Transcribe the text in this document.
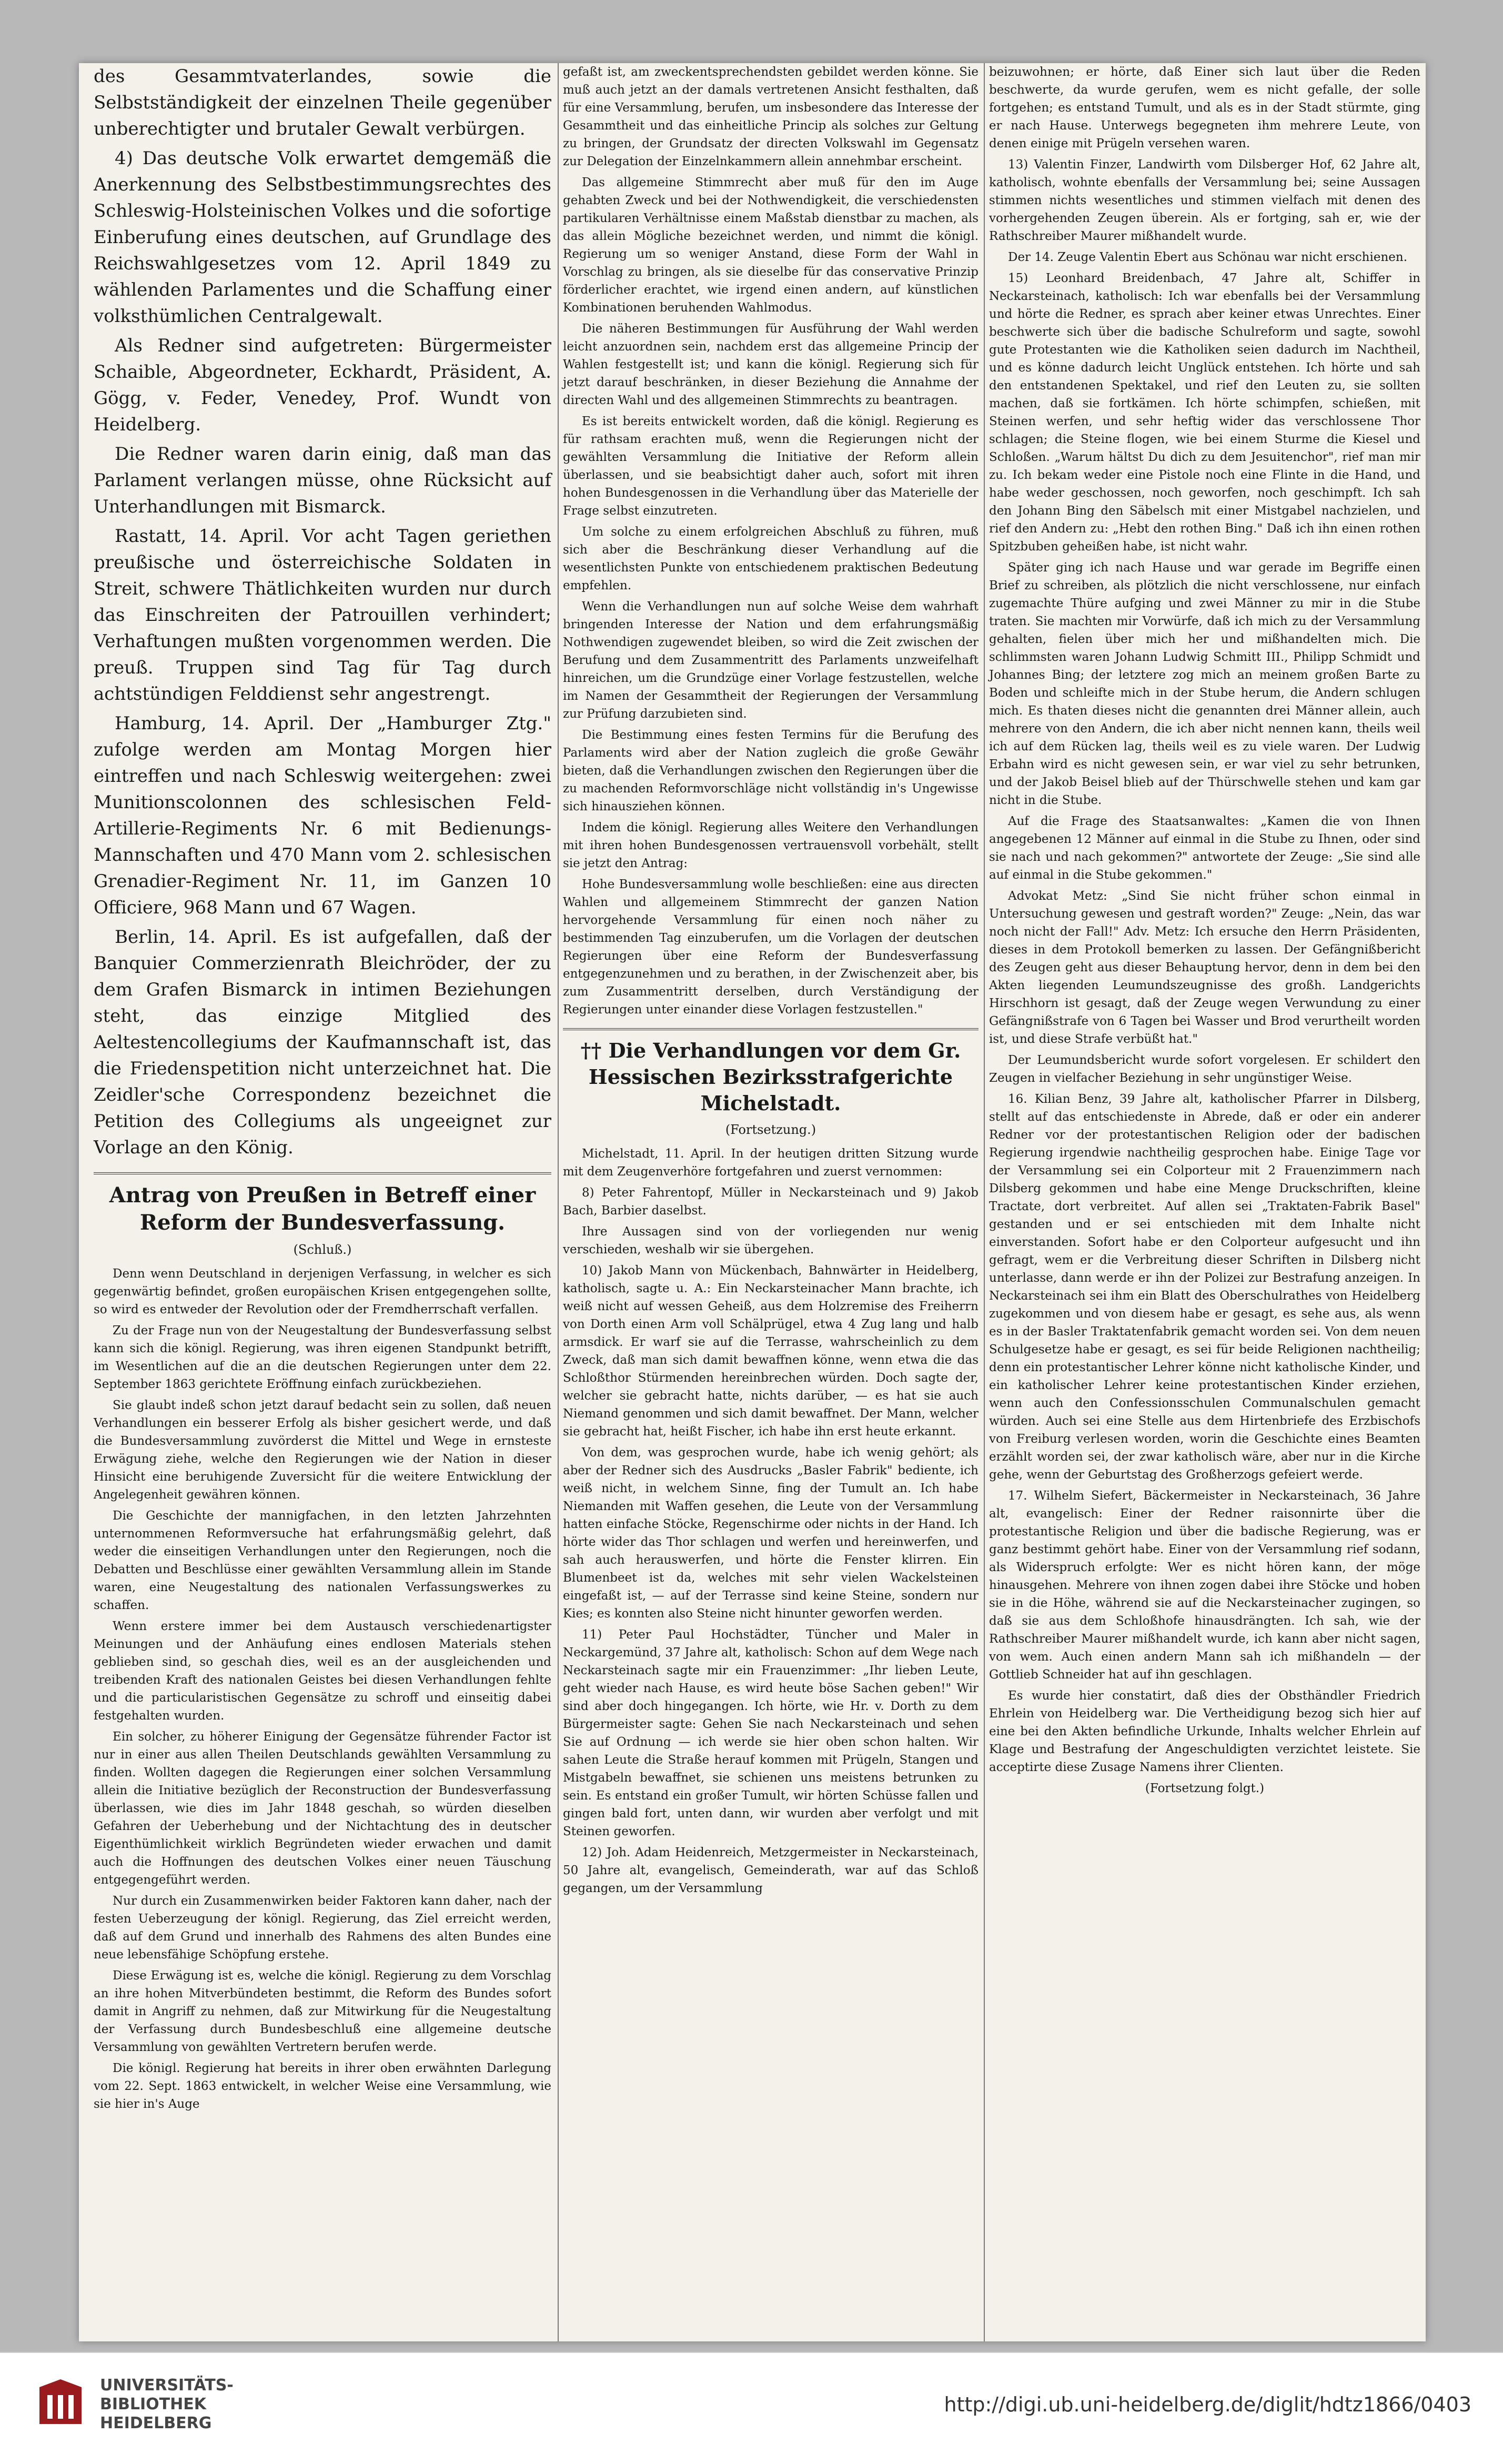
des Gesammtvaterlandes, sowie die Selbstständigkeit der einzelnen Theile gegenüber unberechtigter und brutaler Gewalt verbürgen.

4) Das deutsche Volk erwartet demgemäß die Anerkennung des Selbstbestimmungsrechtes des Schleswig-Holsteinischen Volkes und die sofortige Einberufung eines deutschen, auf Grundlage des Reichswahlgesetzes vom 12. April 1849 zu wählenden Parlamentes und die Schaffung einer volksthümlichen Centralgewalt.

Als Redner sind aufgetreten: Bürgermeister Schaible, Abgeordneter, Eckhardt, Präsident, A. Gögg, v. Feder, Venedey, Prof. Wundt von Heidelberg.

Die Redner waren darin einig, daß man das Parlament verlangen müsse, ohne Rücksicht auf Unterhandlungen mit Bismarck.

Rastatt, 14. April. Vor acht Tagen geriethen preußische und österreichische Soldaten in Streit, schwere Thätlichkeiten wurden nur durch das Einschreiten der Patrouillen verhindert; Verhaftungen mußten vorgenommen werden. Die preuß. Truppen sind Tag für Tag durch achtstündigen Felddienst sehr angestrengt.

Hamburg, 14. April. Der „Hamburger Ztg." zufolge werden am Montag Morgen hier eintreffen und nach Schleswig weitergehen: zwei Munitionscolonnen des schlesischen Feld-Artillerie-Regiments Nr. 6 mit Bedienungs-Mannschaften und 470 Mann vom 2. schlesischen Grenadier-Regiment Nr. 11, im Ganzen 10 Officiere, 968 Mann und 67 Wagen.

Berlin, 14. April. Es ist aufgefallen, daß der Banquier Commerzienrath Bleichröder, der zu dem Grafen Bismarck in intimen Beziehungen steht, das einzige Mitglied des Aeltestencollegiums der Kaufmannschaft ist, das die Friedenspetition nicht unterzeichnet hat. Die Zeidler'sche Correspondenz bezeichnet die Petition des Collegiums als ungeeignet zur Vorlage an den König.

Antrag von Preußen in Betreff einer Reform der Bundesverfassung.
(Schluß.)

Denn wenn Deutschland in derjenigen Verfassung, in welcher es sich gegenwärtig befindet, großen europäischen Krisen entgegengehen sollte, so wird es entweder der Revolution oder der Fremdherrschaft verfallen.

Zu der Frage nun von der Neugestaltung der Bundesverfassung selbst kann sich die königl. Regierung, was ihren eigenen Standpunkt betrifft, im Wesentlichen auf die an die deutschen Regierungen unter dem 22. September 1863 gerichtete Eröffnung einfach zurückbeziehen.

Sie glaubt indeß schon jetzt darauf bedacht sein zu sollen, daß neuen Verhandlungen ein besserer Erfolg als bisher gesichert werde, und daß die Bundesversammlung zuvörderst die Mittel und Wege in ernsteste Erwägung ziehe, welche den Regierungen wie der Nation in dieser Hinsicht eine beruhigende Zuversicht für die weitere Entwicklung der Angelegenheit gewähren können.

Die Geschichte der mannigfachen, in den letzten Jahrzehnten unternommenen Reformversuche hat erfahrungsmäßig gelehrt, daß weder die einseitigen Verhandlungen unter den Regierungen, noch die Debatten und Beschlüsse einer gewählten Versammlung allein im Stande waren, eine Neugestaltung des nationalen Verfassungswerkes zu schaffen.

Wenn erstere immer bei dem Austausch verschiedenartigster Meinungen und der Anhäufung eines endlosen Materials stehen geblieben sind, so geschah dies, weil es an der ausgleichenden und treibenden Kraft des nationalen Geistes bei diesen Verhandlungen fehlte und die particularistischen Gegensätze zu schroff und einseitig dabei festgehalten wurden.

Ein solcher, zu höherer Einigung der Gegensätze führender Factor ist nur in einer aus allen Theilen Deutschlands gewählten Versammlung zu finden. Wollten dagegen die Regierungen einer solchen Versammlung allein die Initiative bezüglich der Reconstruction der Bundesverfassung überlassen, wie dies im Jahr 1848 geschah, so würden dieselben Gefahren der Ueberhebung und der Nichtachtung des in deutscher Eigenthümlichkeit wirklich Begründeten wieder erwachen und damit auch die Hoffnungen des deutschen Volkes einer neuen Täuschung entgegengeführt werden.

Nur durch ein Zusammenwirken beider Faktoren kann daher, nach der festen Ueberzeugung der königl. Regierung, das Ziel erreicht werden, daß auf dem Grund und innerhalb des Rahmens des alten Bundes eine neue lebensfähige Schöpfung erstehe.

Diese Erwägung ist es, welche die königl. Regierung zu dem Vorschlag an ihre hohen Mitverbündeten bestimmt, die Reform des Bundes sofort damit in Angriff zu nehmen, daß zur Mitwirkung für die Neugestaltung der Verfassung durch Bundesbeschluß eine allgemeine deutsche Versammlung von gewählten Vertretern berufen werde.

Die königl. Regierung hat bereits in ihrer oben erwähnten Darlegung vom 22. Sept. 1863 entwickelt, in welcher Weise eine Versammlung, wie sie hier in's Auge

gefaßt ist, am zweckentsprechendsten gebildet werden könne. Sie muß auch jetzt an der damals vertretenen Ansicht festhalten, daß für eine Versammlung, berufen, um insbesondere das Interesse der Gesammtheit und das einheitliche Princip als solches zur Geltung zu bringen, der Grundsatz der directen Volkswahl im Gegensatz zur Delegation der Einzelnkammern allein annehmbar erscheint.

Das allgemeine Stimmrecht aber muß für den im Auge gehabten Zweck und bei der Nothwendigkeit, die verschiedensten partikularen Verhältnisse einem Maßstab dienstbar zu machen, als das allein Mögliche bezeichnet werden, und nimmt die königl. Regierung um so weniger Anstand, diese Form der Wahl in Vorschlag zu bringen, als sie dieselbe für das conservative Prinzip förderlicher erachtet, wie irgend einen andern, auf künstlichen Kombinationen beruhenden Wahlmodus.

Die näheren Bestimmungen für Ausführung der Wahl werden leicht anzuordnen sein, nachdem erst das allgemeine Princip der Wahlen festgestellt ist; und kann die königl. Regierung sich für jetzt darauf beschränken, in dieser Beziehung die Annahme der directen Wahl und des allgemeinen Stimmrechts zu beantragen.

Es ist bereits entwickelt worden, daß die königl. Regierung es für rathsam erachten muß, wenn die Regierungen nicht der gewählten Versammlung die Initiative der Reform allein überlassen, und sie beabsichtigt daher auch, sofort mit ihren hohen Bundesgenossen in die Verhandlung über das Materielle der Frage selbst einzutreten.

Um solche zu einem erfolgreichen Abschluß zu führen, muß sich aber die Beschränkung dieser Verhandlung auf die wesentlichsten Punkte von entschiedenem praktischen Bedeutung empfehlen.

Wenn die Verhandlungen nun auf solche Weise dem wahrhaft bringenden Interesse der Nation und dem erfahrungsmäßig Nothwendigen zugewendet bleiben, so wird die Zeit zwischen der Berufung und dem Zusammentritt des Parlaments unzweifelhaft hinreichen, um die Grundzüge einer Vorlage festzustellen, welche im Namen der Gesammtheit der Regierungen der Versammlung zur Prüfung darzubieten sind.

Die Bestimmung eines festen Termins für die Berufung des Parlaments wird aber der Nation zugleich die große Gewähr bieten, daß die Verhandlungen zwischen den Regierungen über die zu machenden Reformvorschläge nicht vollständig in's Ungewisse sich hinausziehen können.

Indem die königl. Regierung alles Weitere den Verhandlungen mit ihren hohen Bundesgenossen vertrauensvoll vorbehält, stellt sie jetzt den Antrag:

Hohe Bundesversammlung wolle beschließen: eine aus directen Wahlen und allgemeinem Stimmrecht der ganzen Nation hervorgehende Versammlung für einen noch näher zu bestimmenden Tag einzuberufen, um die Vorlagen der deutschen Regierungen über eine Reform der Bundesverfassung entgegenzunehmen und zu berathen, in der Zwischenzeit aber, bis zum Zusammentritt derselben, durch Verständigung der Regierungen unter einander diese Vorlagen festzustellen."

†† Die Verhandlungen vor dem Gr. Hessischen Bezirksstrafgerichte Michelstadt.
(Fortsetzung.)

Michelstadt, 11. April. In der heutigen dritten Sitzung wurde mit dem Zeugenverhöre fortgefahren und zuerst vernommen:

8) Peter Fahrentopf, Müller in Neckarsteinach und 9) Jakob Bach, Barbier daselbst.

Ihre Aussagen sind von der vorliegenden nur wenig verschieden, weshalb wir sie übergehen.

10) Jakob Mann von Mückenbach, Bahnwärter in Heidelberg, katholisch, sagte u. A.: Ein Neckarsteinacher Mann brachte, ich weiß nicht auf wessen Geheiß, aus dem Holzremise des Freiherrn von Dorth einen Arm voll Schälprügel, etwa 4 Zug lang und halb armsdick. Er warf sie auf die Terrasse, wahrscheinlich zu dem Zweck, daß man sich damit bewaffnen könne, wenn etwa die das Schloßthor Stürmenden hereinbrechen würden. Doch sagte der, welcher sie gebracht hatte, nichts darüber, — es hat sie auch Niemand genommen und sich damit bewaffnet. Der Mann, welcher sie gebracht hat, heißt Fischer, ich habe ihn erst heute erkannt.

Von dem, was gesprochen wurde, habe ich wenig gehört; als aber der Redner sich des Ausdrucks „Basler Fabrik" bediente, ich weiß nicht, in welchem Sinne, fing der Tumult an. Ich habe Niemanden mit Waffen gesehen, die Leute von der Versammlung hatten einfache Stöcke, Regenschirme oder nichts in der Hand. Ich hörte wider das Thor schlagen und werfen und hereinwerfen, und sah auch herauswerfen, und hörte die Fenster klirren. Ein Blumenbeet ist da, welches mit sehr vielen Wackelsteinen eingefaßt ist, — auf der Terrasse sind keine Steine, sondern nur Kies; es konnten also Steine nicht hinunter geworfen werden.

11) Peter Paul Hochstädter, Tüncher und Maler in Neckargemünd, 37 Jahre alt, katholisch: Schon auf dem Wege nach Neckarsteinach sagte mir ein Frauenzimmer: „Ihr lieben Leute, geht wieder nach Hause, es wird heute böse Sachen geben!" Wir sind aber doch hingegangen. Ich hörte, wie Hr. v. Dorth zu dem Bürgermeister sagte: Gehen Sie nach Neckarsteinach und sehen Sie auf Ordnung — ich werde sie hier oben schon halten. Wir sahen Leute die Straße herauf kommen mit Prügeln, Stangen und Mistgabeln bewaffnet, sie schienen uns meistens betrunken zu sein. Es entstand ein großer Tumult, wir hörten Schüsse fallen und gingen bald fort, unten dann, wir wurden aber verfolgt und mit Steinen geworfen.

12) Joh. Adam Heidenreich, Metzgermeister in Neckarsteinach, 50 Jahre alt, evangelisch, Gemeinderath, war auf das Schloß gegangen, um der Versammlung

beizuwohnen; er hörte, daß Einer sich laut über die Reden beschwerte, da wurde gerufen, wem es nicht gefalle, der solle fortgehen; es entstand Tumult, und als es in der Stadt stürmte, ging er nach Hause. Unterwegs begegneten ihm mehrere Leute, von denen einige mit Prügeln versehen waren.

13) Valentin Finzer, Landwirth vom Dilsberger Hof, 62 Jahre alt, katholisch, wohnte ebenfalls der Versammlung bei; seine Aussagen stimmen nichts wesentliches und stimmen vielfach mit denen des vorhergehenden Zeugen überein. Als er fortging, sah er, wie der Rathschreiber Maurer mißhandelt wurde.

Der 14. Zeuge Valentin Ebert aus Schönau war nicht erschienen.

15) Leonhard Breidenbach, 47 Jahre alt, Schiffer in Neckarsteinach, katholisch: Ich war ebenfalls bei der Versammlung und hörte die Redner, es sprach aber keiner etwas Unrechtes. Einer beschwerte sich über die badische Schulreform und sagte, sowohl gute Protestanten wie die Katholiken seien dadurch im Nachtheil, und es könne dadurch leicht Unglück entstehen. Ich hörte und sah den entstandenen Spektakel, und rief den Leuten zu, sie sollten machen, daß sie fortkämen. Ich hörte schimpfen, schießen, mit Steinen werfen, und sehr heftig wider das verschlossene Thor schlagen; die Steine flogen, wie bei einem Sturme die Kiesel und Schloßen. „Warum hältst Du dich zu dem Jesuitenchor", rief man mir zu. Ich bekam weder eine Pistole noch eine Flinte in die Hand, und habe weder geschossen, noch geworfen, noch geschimpft. Ich sah den Johann Bing den Säbelsch mit einer Mistgabel nachzielen, und rief den Andern zu: „Hebt den rothen Bing." Daß ich ihn einen rothen Spitzbuben geheißen habe, ist nicht wahr.

Später ging ich nach Hause und war gerade im Begriffe einen Brief zu schreiben, als plötzlich die nicht verschlossene, nur einfach zugemachte Thüre aufging und zwei Männer zu mir in die Stube traten. Sie machten mir Vorwürfe, daß ich mich zu der Versammlung gehalten, fielen über mich her und mißhandelten mich. Die schlimmsten waren Johann Ludwig Schmitt III., Philipp Schmidt und Johannes Bing; der letztere zog mich an meinem großen Barte zu Boden und schleifte mich in der Stube herum, die Andern schlugen mich. Es thaten dieses nicht die genannten drei Männer allein, auch mehrere von den Andern, die ich aber nicht nennen kann, theils weil ich auf dem Rücken lag, theils weil es zu viele waren. Der Ludwig Erbahn wird es nicht gewesen sein, er war viel zu sehr betrunken, und der Jakob Beisel blieb auf der Thürschwelle stehen und kam gar nicht in die Stube.

Auf die Frage des Staatsanwaltes: „Kamen die von Ihnen angegebenen 12 Männer auf einmal in die Stube zu Ihnen, oder sind sie nach und nach gekommen?" antwortete der Zeuge: „Sie sind alle auf einmal in die Stube gekommen."

Advokat Metz: „Sind Sie nicht früher schon einmal in Untersuchung gewesen und gestraft worden?" Zeuge: „Nein, das war noch nicht der Fall!" Adv. Metz: Ich ersuche den Herrn Präsidenten, dieses in dem Protokoll bemerken zu lassen. Der Gefängnißbericht des Zeugen geht aus dieser Behauptung hervor, denn in dem bei den Akten liegenden Leumundszeugnisse des großh. Landgerichts Hirschhorn ist gesagt, daß der Zeuge wegen Verwundung zu einer Gefängnißstrafe von 6 Tagen bei Wasser und Brod verurtheilt worden ist, und diese Strafe verbüßt hat."

Der Leumundsbericht wurde sofort vorgelesen. Er schildert den Zeugen in vielfacher Beziehung in sehr ungünstiger Weise.

16. Kilian Benz, 39 Jahre alt, katholischer Pfarrer in Dilsberg, stellt auf das entschiedenste in Abrede, daß er oder ein anderer Redner vor der protestantischen Religion oder der badischen Regierung irgendwie nachtheilig gesprochen habe. Einige Tage vor der Versammlung sei ein Colporteur mit 2 Frauenzimmern nach Dilsberg gekommen und habe eine Menge Druckschriften, kleine Tractate, dort verbreitet. Auf allen sei „Traktaten-Fabrik Basel" gestanden und er sei entschieden mit dem Inhalte nicht einverstanden. Sofort habe er den Colporteur aufgesucht und ihn gefragt, wem er die Verbreitung dieser Schriften in Dilsberg nicht unterlasse, dann werde er ihn der Polizei zur Bestrafung anzeigen. In Neckarsteinach sei ihm ein Blatt des Oberschulrathes von Heidelberg zugekommen und von diesem habe er gesagt, es sehe aus, als wenn es in der Basler Traktatenfabrik gemacht worden sei. Von dem neuen Schulgesetze habe er gesagt, es sei für beide Religionen nachtheilig; denn ein protestantischer Lehrer könne nicht katholische Kinder, und ein katholischer Lehrer keine protestantischen Kinder erziehen, wenn auch den Confessionsschulen Communalschulen gemacht würden. Auch sei eine Stelle aus dem Hirtenbriefe des Erzbischofs von Freiburg verlesen worden, worin die Geschichte eines Beamten erzählt worden sei, der zwar katholisch wäre, aber nur in die Kirche gehe, wenn der Geburtstag des Großherzogs gefeiert werde.

17. Wilhelm Siefert, Bäckermeister in Neckarsteinach, 36 Jahre alt, evangelisch: Einer der Redner raisonnirte über die protestantische Religion und über die badische Regierung, was er ganz bestimmt gehört habe. Einer von der Versammlung rief sodann, als Widerspruch erfolgte: Wer es nicht hören kann, der möge hinausgehen. Mehrere von ihnen zogen dabei ihre Stöcke und hoben sie in die Höhe, während sie auf die Neckarsteinacher zugingen, so daß sie aus dem Schloßhofe hinausdrängten. Ich sah, wie der Rathschreiber Maurer mißhandelt wurde, ich kann aber nicht sagen, von wem. Auch einen andern Mann sah ich mißhandeln — der Gottlieb Schneider hat auf ihn geschlagen.

Es wurde hier constatirt, daß dies der Obsthändler Friedrich Ehrlein von Heidelberg war. Die Vertheidigung bezog sich hier auf eine bei den Akten befindliche Urkunde, Inhalts welcher Ehrlein auf Klage und Bestrafung der Angeschuldigten verzichtet leistete. Sie acceptirte diese Zusage Namens ihrer Clienten.

(Fortsetzung folgt.)

UNIVERSITÄTS-
BIBLIOTHEK
HEIDELBERG
http://digi.ub.uni-heidelberg.de/diglit/hdtz1866/0403
